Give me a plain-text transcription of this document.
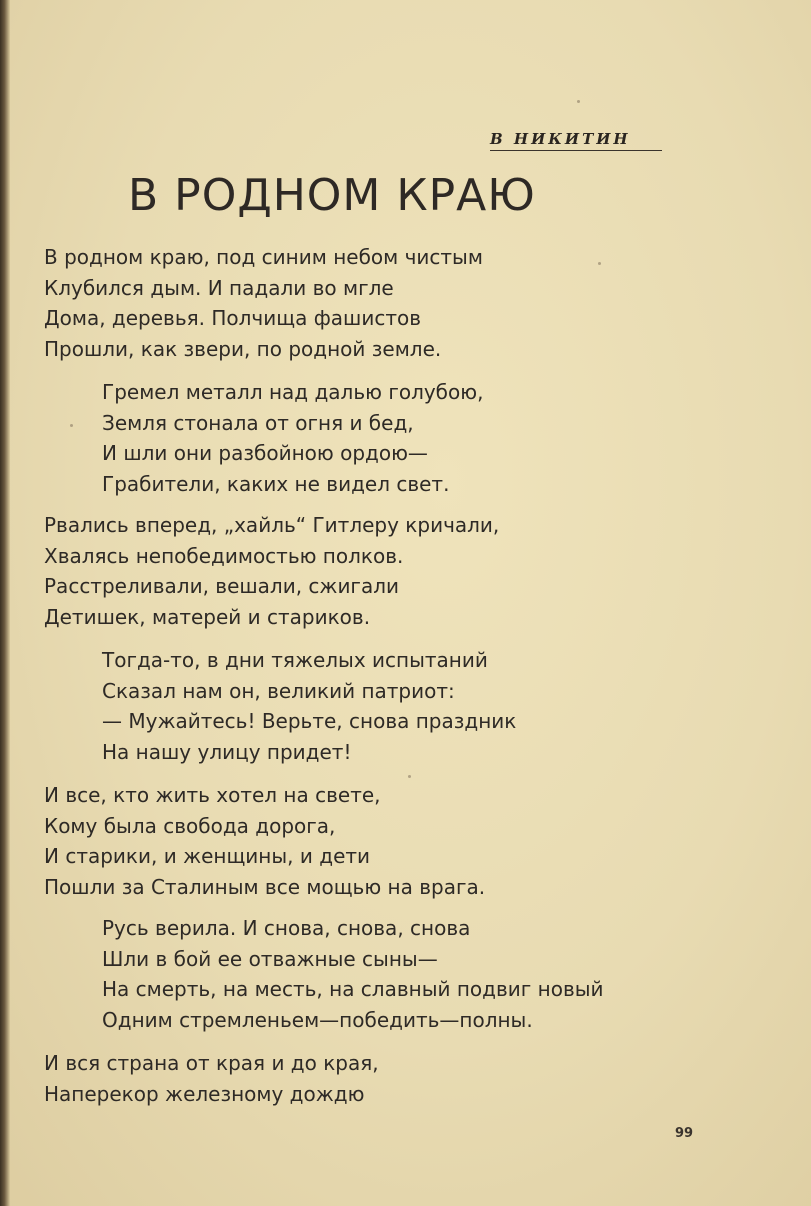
В НИКИТИН
В РОДНОМ КРАЮ
В родном краю, под синим небом чистым
Клубился дым. И падали во мгле
Дома, деревья. Полчища фашистов
Прошли, как звери, по родной земле.
Гремел металл над далью голубою,
Земля стонала от огня и бед,
И шли они разбойною ордою—
Грабители, каких не видел свет.
Рвались вперед, „хайль“ Гитлеру кричали,
Хвалясь непобедимостью полков.
Расстреливали, вешали, сжигали
Детишек, матерей и стариков.
Тогда-то, в дни тяжелых испытаний
Сказал нам он, великий патриот:
— Мужайтесь! Верьте, снова праздник
На нашу улицу придет!
И все, кто жить хотел на свете,
Кому была свобода дорога,
И старики, и женщины, и дети
Пошли за Сталиным все мощью на врага.
Русь верила. И снова, снова, снова
Шли в бой ее отважные сыны—
На смерть, на месть, на славный подвиг новый
Одним стремленьем—победить—полны.
И вся страна от края и до края,
Наперекор железному дождю
99
